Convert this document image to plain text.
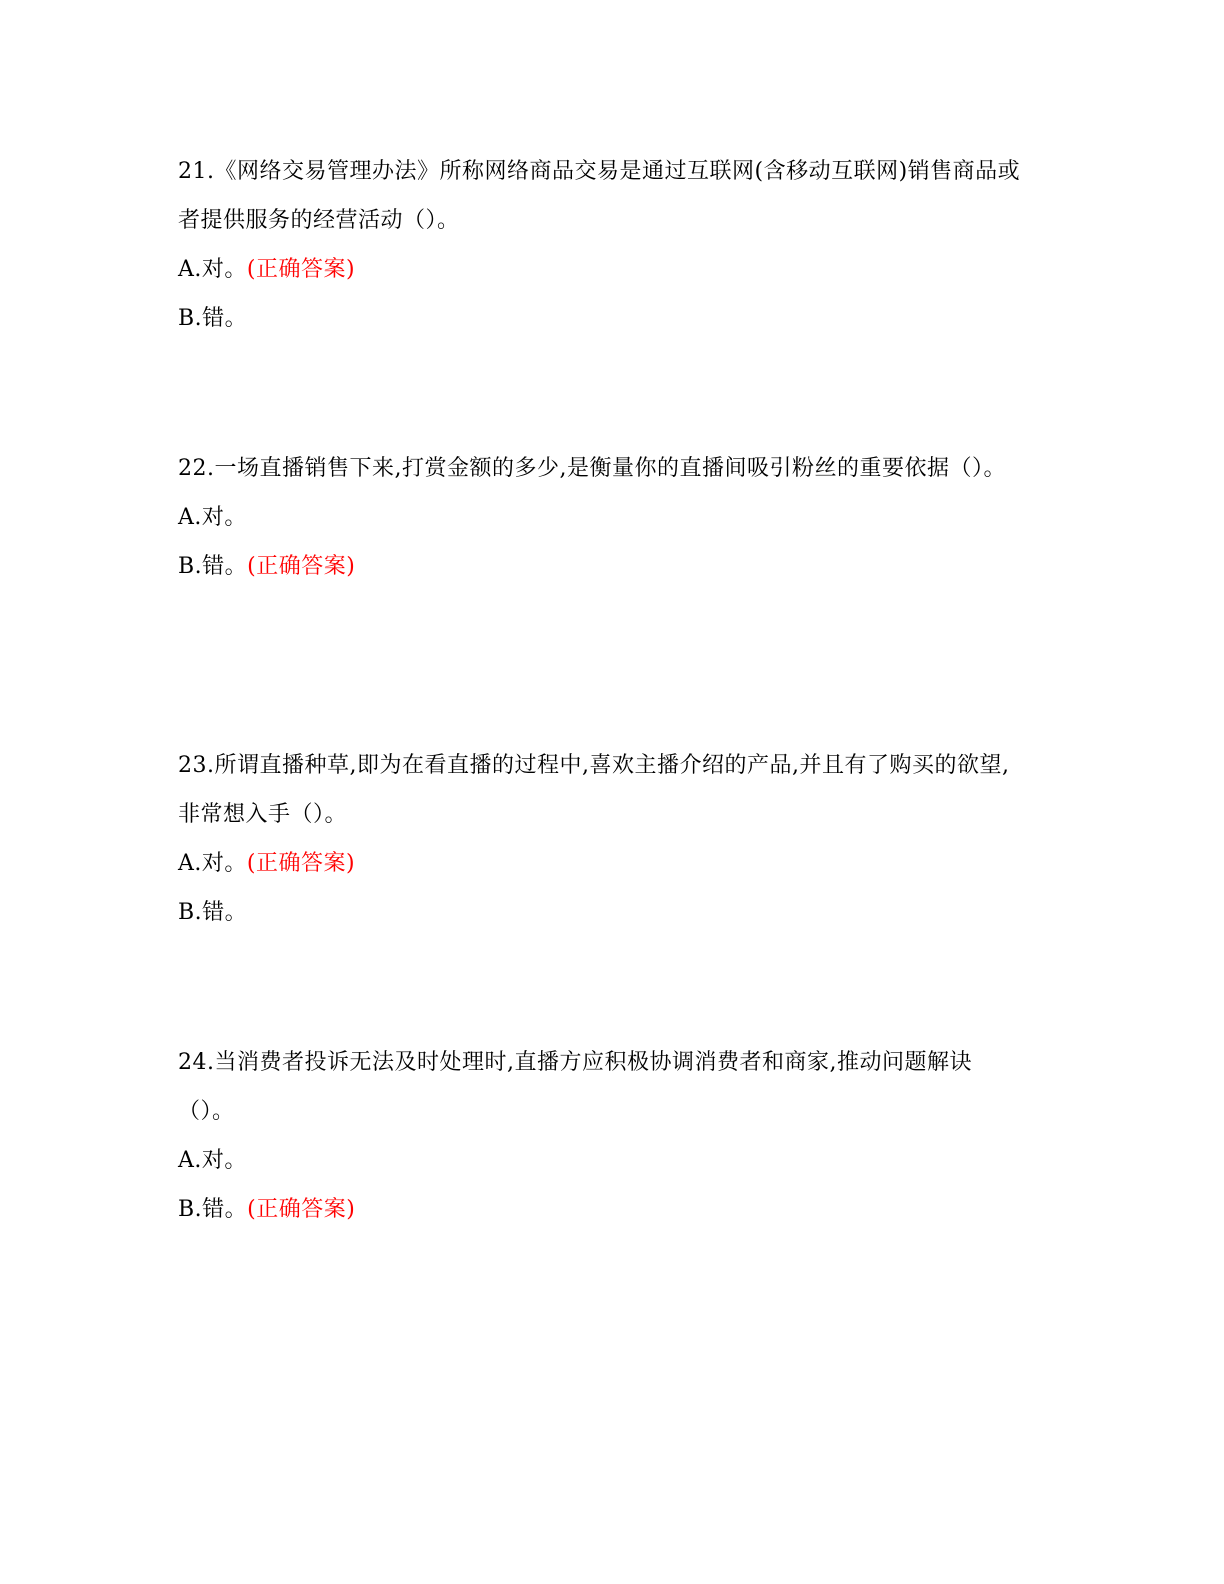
21.《网络交易管理办法》所称网络商品交易是通过互联网(含移动互联网)销售商品或者提供服务的经营活动（）。

A.对。(正确答案)

B.错。

22.一场直播销售下来,打赏金额的多少,是衡量你的直播间吸引粉丝的重要依据（）。

A.对。

B.错。(正确答案)

23.所谓直播种草,即为在看直播的过程中,喜欢主播介绍的产品,并且有了购买的欲望,非常想入手（）。

A.对。(正确答案)

B.错。

24.当消费者投诉无法及时处理时,直播方应积极协调消费者和商家,推动问题解诀（）。

A.对。

B.错。(正确答案)
